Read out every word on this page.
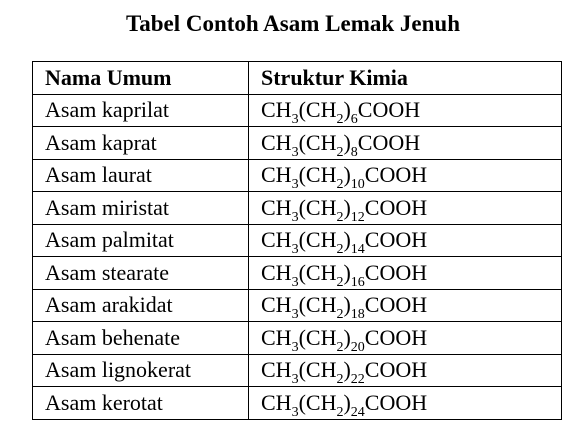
Tabel Contoh Asam Lemak Jenuh
Nama Umum	Struktur Kimia
Asam kaprilat	$CH_3(CH_2)_6COOH$
Asam kaprat	$CH_3(CH_2)_8COOH$
Asam laurat	$CH_3(CH_2)_{10}COOH$
Asam miristat	$CH_3(CH_2)_{12}COOH$
Asam palmitat	$CH_3(CH_2)_{14}COOH$
Asam stearate	$CH_3(CH_2)_{16}COOH$
Asam arakidat	$CH_3(CH_2)_{18}COOH$
Asam behenate	$CH_3(CH_2)_{20}COOH$
Asam lignokerat	$CH_3(CH_2)_{22}COOH$
Asam kerotat	$CH_3(CH_2)_{24}COOH$
